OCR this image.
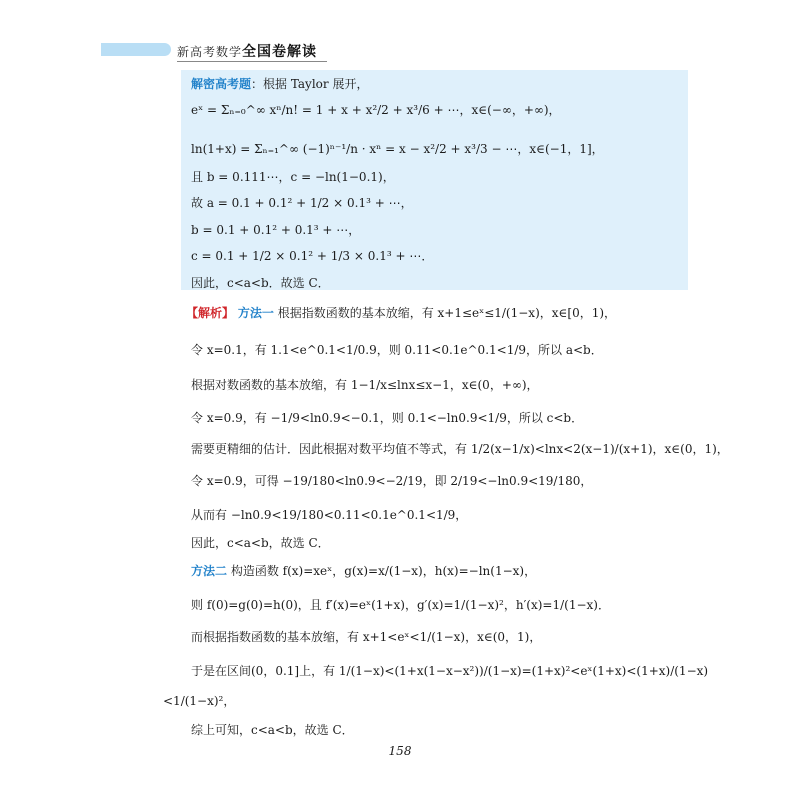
新高考数学全国卷解读
解密高考题：根据 Taylor 展开，
eˣ = Σₙ₌₀^∞ xⁿ/n! = 1 + x + x²/2 + x³/6 + ⋯，x∈(−∞，+∞)，
ln(1+x) = Σₙ₌₁^∞ (−1)ⁿ⁻¹/n · xⁿ = x − x²/2 + x³/3 − ⋯，x∈(−1，1]，
且 b = 0.111⋯，c = −ln(1−0.1)，
故 a = 0.1 + 0.1² + 1/2 × 0.1³ + ⋯，
b = 0.1 + 0.1² + 0.1³ + ⋯，
c = 0.1 + 1/2 × 0.1² + 1/3 × 0.1³ + ⋯．
因此，c<a<b．故选 C．
【解析】 方法一 根据指数函数的基本放缩，有 x+1≤eˣ≤1/(1−x)，x∈[0，1)，
令 x=0.1，有 1.1<e^0.1<1/0.9，则 0.11<0.1e^0.1<1/9，所以 a<b．
根据对数函数的基本放缩，有 1−1/x≤lnx≤x−1，x∈(0，+∞)，
令 x=0.9，有 −1/9<ln0.9<−0.1，则 0.1<−ln0.9<1/9，所以 c<b．
需要更精细的估计．因此根据对数平均值不等式，有 1/2(x−1/x)<lnx<2(x−1)/(x+1)，x∈(0，1)，
令 x=0.9，可得 −19/180<ln0.9<−2/19，即 2/19<−ln0.9<19/180，
从而有 −ln0.9<19/180<0.11<0.1e^0.1<1/9，
因此，c<a<b，故选 C．
方法二 构造函数 f(x)=xeˣ，g(x)=x/(1−x)，h(x)=−ln(1−x)，
则 f(0)=g(0)=h(0)，且 f′(x)=eˣ(1+x)，g′(x)=1/(1−x)²，h′(x)=1/(1−x)．
而根据指数函数的基本放缩，有 x+1<eˣ<1/(1−x)，x∈(0，1)，
于是在区间(0，0.1]上，有 1/(1−x)<(1+x(1−x−x²))/(1−x)=(1+x)²<eˣ(1+x)<(1+x)/(1−x)
<1/(1−x)²，
综上可知，c<a<b，故选 C．
158
